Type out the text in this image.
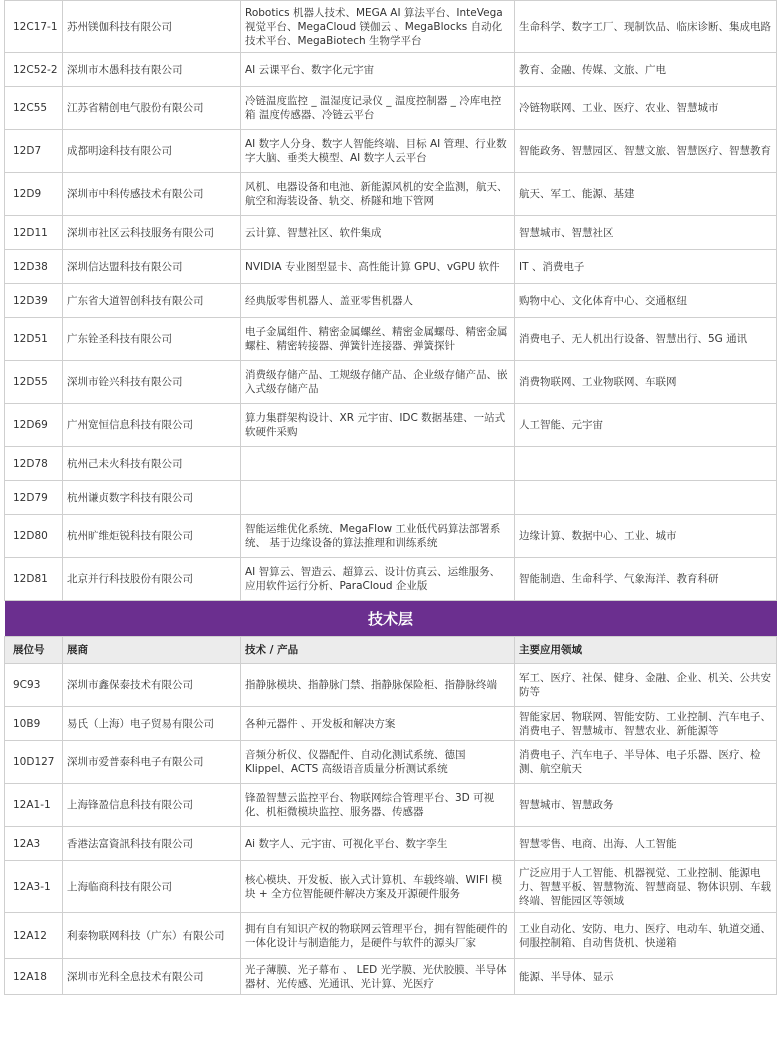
12C17-1	苏州镁伽科技有限公司	Robotics 机器人技术、MEGA AI 算法平台、InteVega 视觉平台、MegaCloud 镁伽云 、MegaBlocks 自动化技术平台、MegaBiotech 生物学平台	生命科学、数字工厂、现制饮品、临床诊断、集成电路
12C52-2	深圳市木愚科技有限公司	AI 云课平台、数字化元宇宙	教育、金融、传媒、文旅、广电
12C55	江苏省精创电气股份有限公司	冷链温度监控 _ 温湿度记录仪 _ 温度控制器 _ 冷库电控箱 温度传感器、冷链云平台	冷链物联网、工业、医疗、农业、智慧城市
12D7	成都明途科技有限公司	AI 数字人分身、数字人智能终端、目标 AI 管理、行业数字大脑、垂类大模型、AI 数字人云平台	智能政务、智慧园区、智慧文旅、智慧医疗、智慧教育
12D9	深圳市中科传感技术有限公司	风机、电器设备和电池、新能源风机的安全监测，航天、航空和海装设备、轨交、桥隧和地下管网	航天、军工、能源、基建
12D11	深圳市社区云科技服务有限公司	云计算、智慧社区、软件集成	智慧城市、智慧社区
12D38	深圳信达盟科技有限公司	NVIDIA 专业图型显卡、高性能计算 GPU、vGPU 软件	IT 、消费电子
12D39	广东省大道智创科技有限公司	经典版零售机器人、盖亚零售机器人	购物中心、文化体育中心、交通枢纽
12D51	广东铨圣科技有限公司	电子金属组件、精密金属螺丝、精密金属螺母、精密金属螺柱、精密转接器、弹簧针连接器、弹簧探针	消费电子、无人机出行设备、智慧出行、5G 通讯
12D55	深圳市铨兴科技有限公司	消费级存储产品、工规级存储产品、企业级存储产品、嵌入式级存储产品	消费物联网、工业物联网、车联网
12D69	广州宽恒信息科技有限公司	算力集群架构设计、XR 元宇宙、IDC 数据基建、一站式软硬件采购	人工智能、元宇宙
12D78	杭州己未火科技有限公司		
12D79	杭州谦贞数字科技有限公司		
12D80	杭州旷维炬锐科技有限公司	智能运维优化系统、MegaFlow 工业低代码算法部署系统、 基于边缘设备的算法推理和训练系统	边缘计算、数据中心、工业、城市
12D81	北京并行科技股份有限公司	AI 智算云、智造云、超算云、设计仿真云、运维服务、应用软件运行分析、ParaCloud 企业版	智能制造、生命科学、气象海洋、教育科研
技术层			
展位号	展商	技术 / 产品	主要应用领域
9C93	深圳市鑫保泰技术有限公司	指静脉模块、指静脉门禁、指静脉保险柜、指静脉终端	军工、医疗、社保、健身、金融、企业、机关、公共安防等
10B9	易氏（上海）电子贸易有限公司	各种元器件 、开发板和解决方案	智能家居、物联网、智能安防、工业控制、汽车电子、消费电子、智慧城市、智慧农业、新能源等
10D127	深圳市爱普泰科电子有限公司	音频分析仪、仪器配件、自动化测试系统、德国 Klippel、ACTS 高级语音质量分析测试系统	消费电子、汽车电子、半导体、电子乐器、医疗、检测、航空航天
12A1-1	上海锋盈信息科技有限公司	锋盈智慧云监控平台、物联网综合管理平台、3D 可视化、机柜微模块监控、服务器、传感器	智慧城市、智慧政务
12A3	香港法富資訊科技有限公司	Ai 数字人、元宇宙、可视化平台、数字孪生	智慧零售、电商、出海、人工智能
12A3-1	上海临商科技有限公司	核心模块、开发板、嵌入式计算机、车载终端、WIFI 模块 + 全方位智能硬件解决方案及开源硬件服务	广泛应用于人工智能、机器视觉、工业控制、能源电力、智慧平板、智慧物流、智慧商显、物体识别、车载终端、智能园区等领域
12A12	利泰物联网科技（广东）有限公司	拥有自有知识产权的物联网云管理平台，拥有智能硬件的一体化设计与制造能力，是硬件与软件的源头厂家	工业自动化、安防、电力、医疗、电动车、轨道交通、伺服控制箱、自动售货机、快递箱
12A18	深圳市光科全息技术有限公司	光子薄膜、光子幕布 、 LED 光学膜、光伏胶膜、半导体器材、光传感、光通讯、光计算、光医疗	能源、半导体、显示
